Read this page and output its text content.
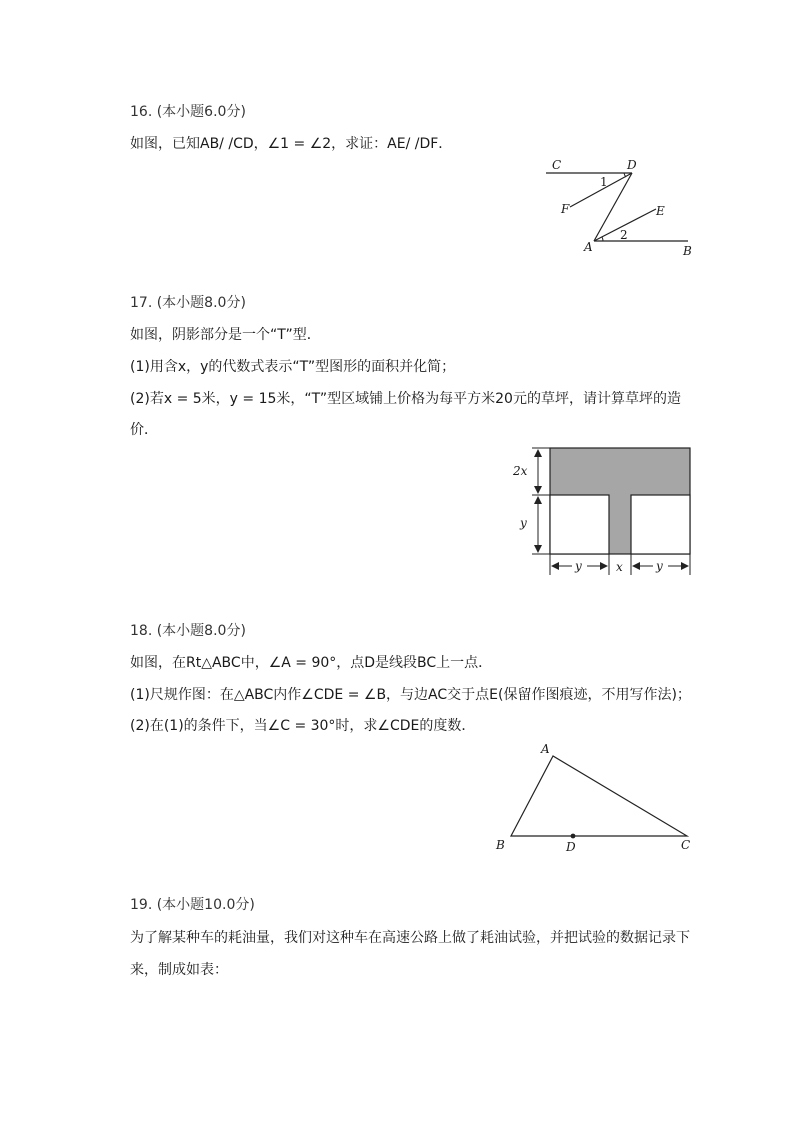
16. (本小题6.0分)
如图，已知AB/ /CD，∠1 = ∠2，求证：AE/ /DF．
C	D
F	E
A	B
1
2
17. (本小题8.0分)
如图，阴影部分是一个“T”型．
(1)用含x，y的代数式表示“T”型图形的面积并化简；
(2)若x = 5米，y = 15米，“T”型区域铺上价格为每平方米20元的草坪，请计算草坪的造
价．
2x
y
y	x	y
18. (本小题8.0分)
如图，在Rt△ABC中，∠A = 90°，点D是线段BC上一点．
(1)尺规作图：在△ABC内作∠CDE = ∠B，与边AC交于点E(保留作图痕迹，不用写作法)；
(2)在(1)的条件下，当∠C = 30°时，求∠CDE的度数．
A
B	D	C
19. (本小题10.0分)
为了解某种车的耗油量，我们对这种车在高速公路上做了耗油试验，并把试验的数据记录下
来，制成如表：
